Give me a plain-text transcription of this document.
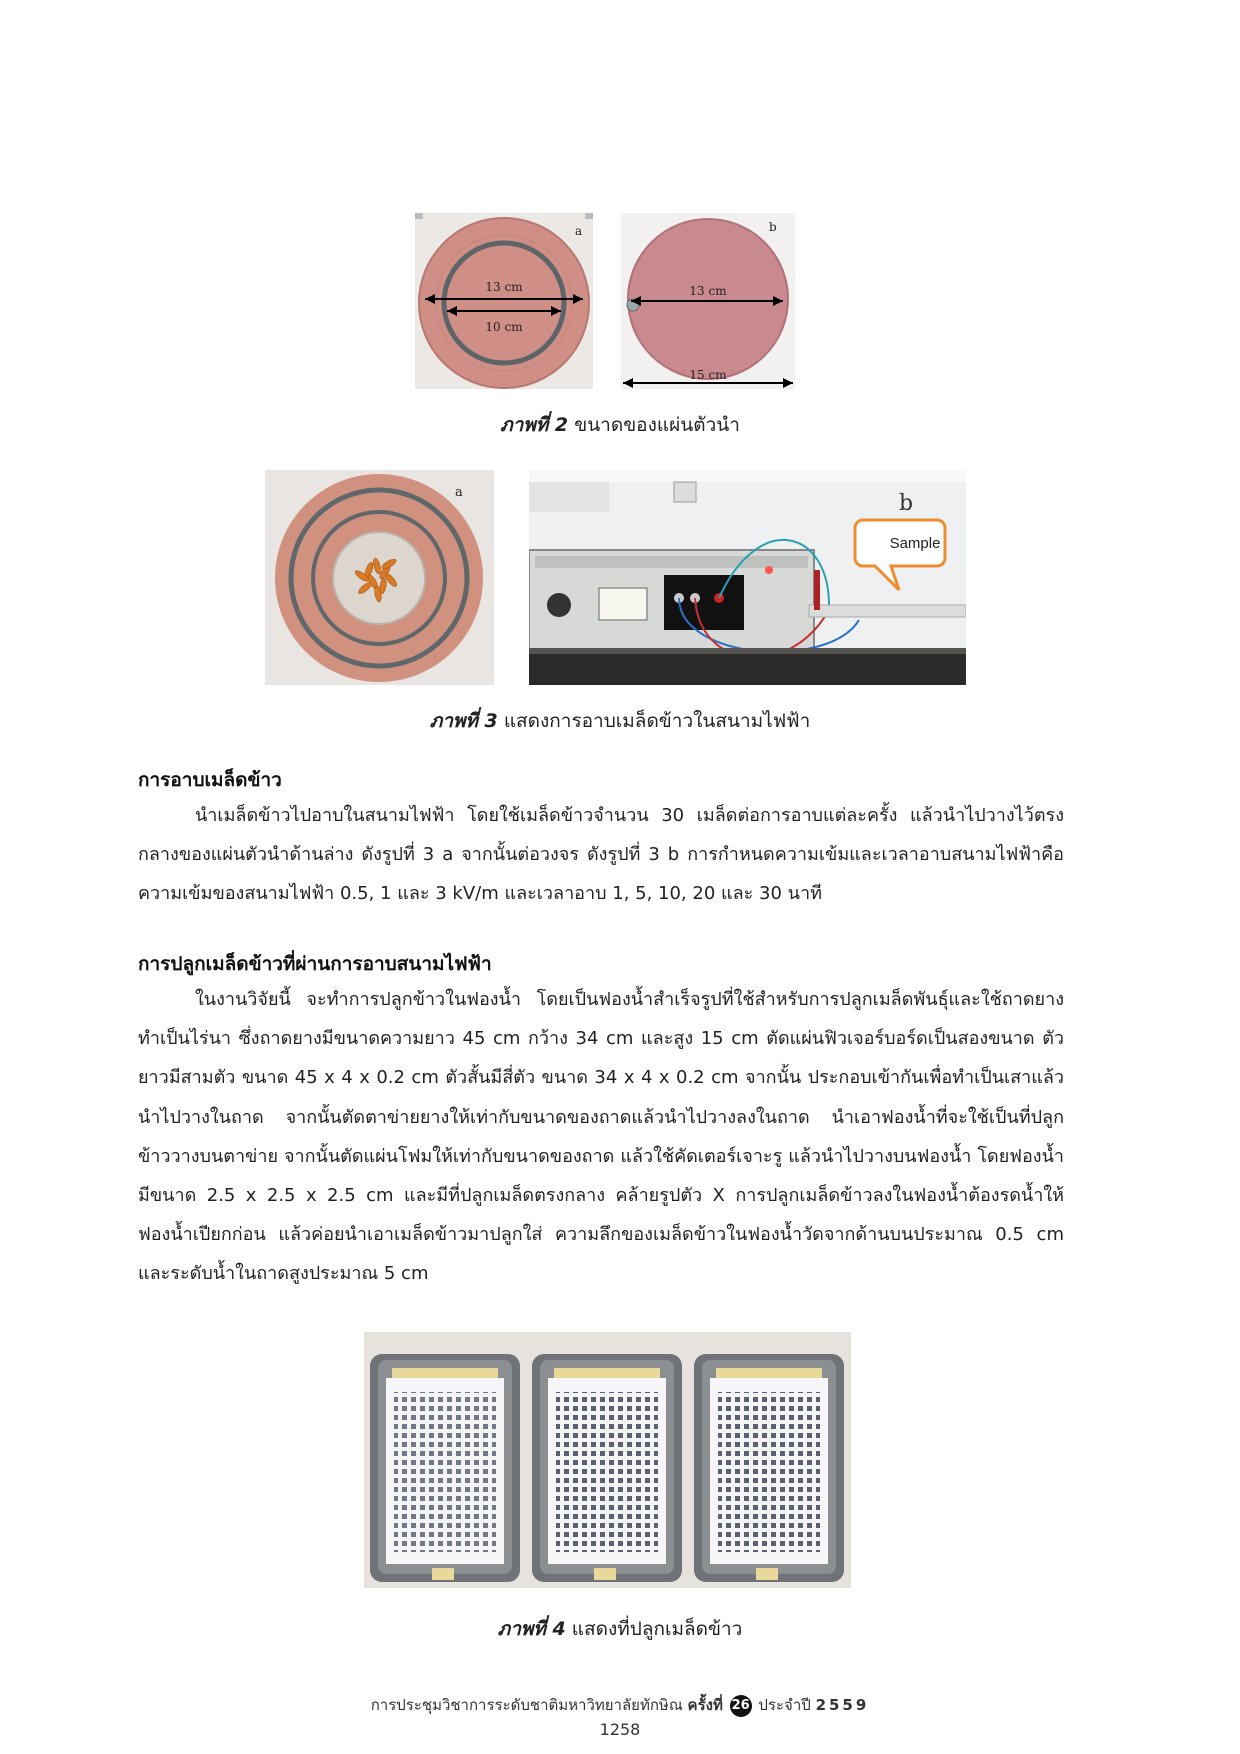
13 cm
10 cm
a
13 cm
15 cm
b
ภาพที่ 2 ขนาดของแผ่นตัวนำ
a	b
Sample
ภาพที่ 3 แสดงการอาบเมล็ดข้าวในสนามไฟฟ้า
การอาบเมล็ดข้าว

นำเมล็ดข้าวไปอาบในสนามไฟฟ้า โดยใช้เมล็ดข้าวจำนวน 30 เมล็ดต่อการอาบแต่ละครั้ง แล้วนำไปวางไว้ตรงกลางของแผ่นตัวนำด้านล่าง ดังรูปที่ 3 a จากนั้นต่อวงจร ดังรูปที่ 3 b การกำหนดความเข้มและเวลาอาบสนามไฟฟ้าคือ ความเข้มของสนามไฟฟ้า 0.5, 1 และ 3 kV/m และเวลาอาบ 1, 5, 10, 20 และ 30 นาที

การปลูกเมล็ดข้าวที่ผ่านการอาบสนามไฟฟ้า

ในงานวิจัยนี้ จะทำการปลูกข้าวในฟองน้ำ โดยเป็นฟองน้ำสำเร็จรูปที่ใช้สำหรับการปลูกเมล็ดพันธุ์และใช้ถาดยางทำเป็นไร่นา ซึ่งถาดยางมีขนาดความยาว 45 cm กว้าง 34 cm และสูง 15 cm ตัดแผ่นฟิวเจอร์บอร์ดเป็นสองขนาด ตัวยาวมีสามตัว ขนาด 45 x 4 x 0.2 cm ตัวสั้นมีสี่ตัว ขนาด 34 x 4 x 0.2 cm จากนั้น ประกอบเข้ากันเพื่อทำเป็นเสาแล้วนำไปวางในถาด จากนั้นตัดตาข่ายยางให้เท่ากับขนาดของถาดแล้วนำไปวางลงในถาด นำเอาฟองน้ำที่จะใช้เป็นที่ปลูกข้าววางบนตาข่าย จากนั้นตัดแผ่นโฟมให้เท่ากับขนาดของถาด แล้วใช้คัดเตอร์เจาะรู แล้วนำไปวางบนฟองน้ำ โดยฟองน้ำมีขนาด 2.5 x 2.5 x 2.5 cm และมีที่ปลูกเมล็ดตรงกลาง คล้ายรูปตัว X การปลูกเมล็ดข้าวลงในฟองน้ำต้องรดน้ำให้ฟองน้ำเปียกก่อน แล้วค่อยนำเอาเมล็ดข้าวมาปลูกใส่ ความลึกของเมล็ดข้าวในฟองน้ำวัดจากด้านบนประมาณ 0.5 cm และระดับน้ำในถาดสูงประมาณ 5 cm

ภาพที่ 4 แสดงที่ปลูกเมล็ดข้าว
การประชุมวิชาการระดับชาติมหาวิทยาลัยทักษิณ ครั้งที่ 26 ประจำปี 2559
1258
